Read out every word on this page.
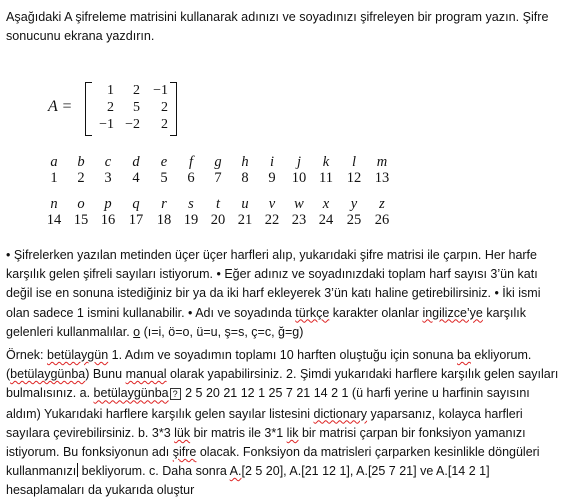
Aşağıdaki A şifreleme matrisini kullanarak adınızı ve soyadınızı şifreleyen bir program yazın. Şifre
sonucunu ekrana yazdırın.
A =
1	2 −1
2	5	2
−1 −2	2
a	b	c	d	e	f	g	h	i	j	k	l	m
1	2	3	4	5	6	7	8	9	10 11 12 13
n	o	p	q	r	s	t	u	v	w	x	y	z
14 15 16 17 18 19 20 21 22 23 24 25 26
• Şifrelerken yazılan metinden üçer üçer harfleri alıp, yukarıdaki şifre matrisi ile çarpın. Her harfe karşılık gelen şifreli sayıları istiyorum. • Eğer adınız ve soyadınızdaki toplam harf sayısı 3’ün katı değil ise en sonuna istediğiniz bir ya da iki harf ekleyerek 3’ün katı haline getirebilirsiniz. • İki ismi olan sadece 1 ismini kullanabilir. • Adı ve soyadında türkçe karakter olanlar ingilizce’ye karşılık gelenleri kullanmalılar. o (ı=i, ö=o, ü=u, ş=s, ç=c, ğ=g)
Örnek: betülaygün 1. Adım ve soyadımın toplamı 10 harften oluştuğu için sonuna ba ekliyorum. (betülaygünba) Bunu manual olarak yapabilirsiniz. 2. Şimdi yukarıdaki harflere karşılık gelen sayıları bulmalısınız. a. betülaygünba ? 2 5 20 21 12 1 25 7 21 14 2 1 (ü harfi yerine u harfinin sayısını aldım) Yukarıdaki harflere karşılık gelen sayılar listesini dictionary yaparsanız, kolayca harfleri sayılara çevirebilirsiniz. b. 3*3 lük bir matris ile 3*1 lik bir matrisi çarpan bir fonksiyon yamanızı istiyorum. Bu fonksiyonun adı şifre olacak. Fonksiyon da matrisleri çarparken kesinlikle döngüleri kullanmanızı bekliyorum. c. Daha sonra A.[2 5 20], A.[21 12 1], A.[25 7 21] ve A.[14 2 1] hesaplamaları da yukarıda oluştur
